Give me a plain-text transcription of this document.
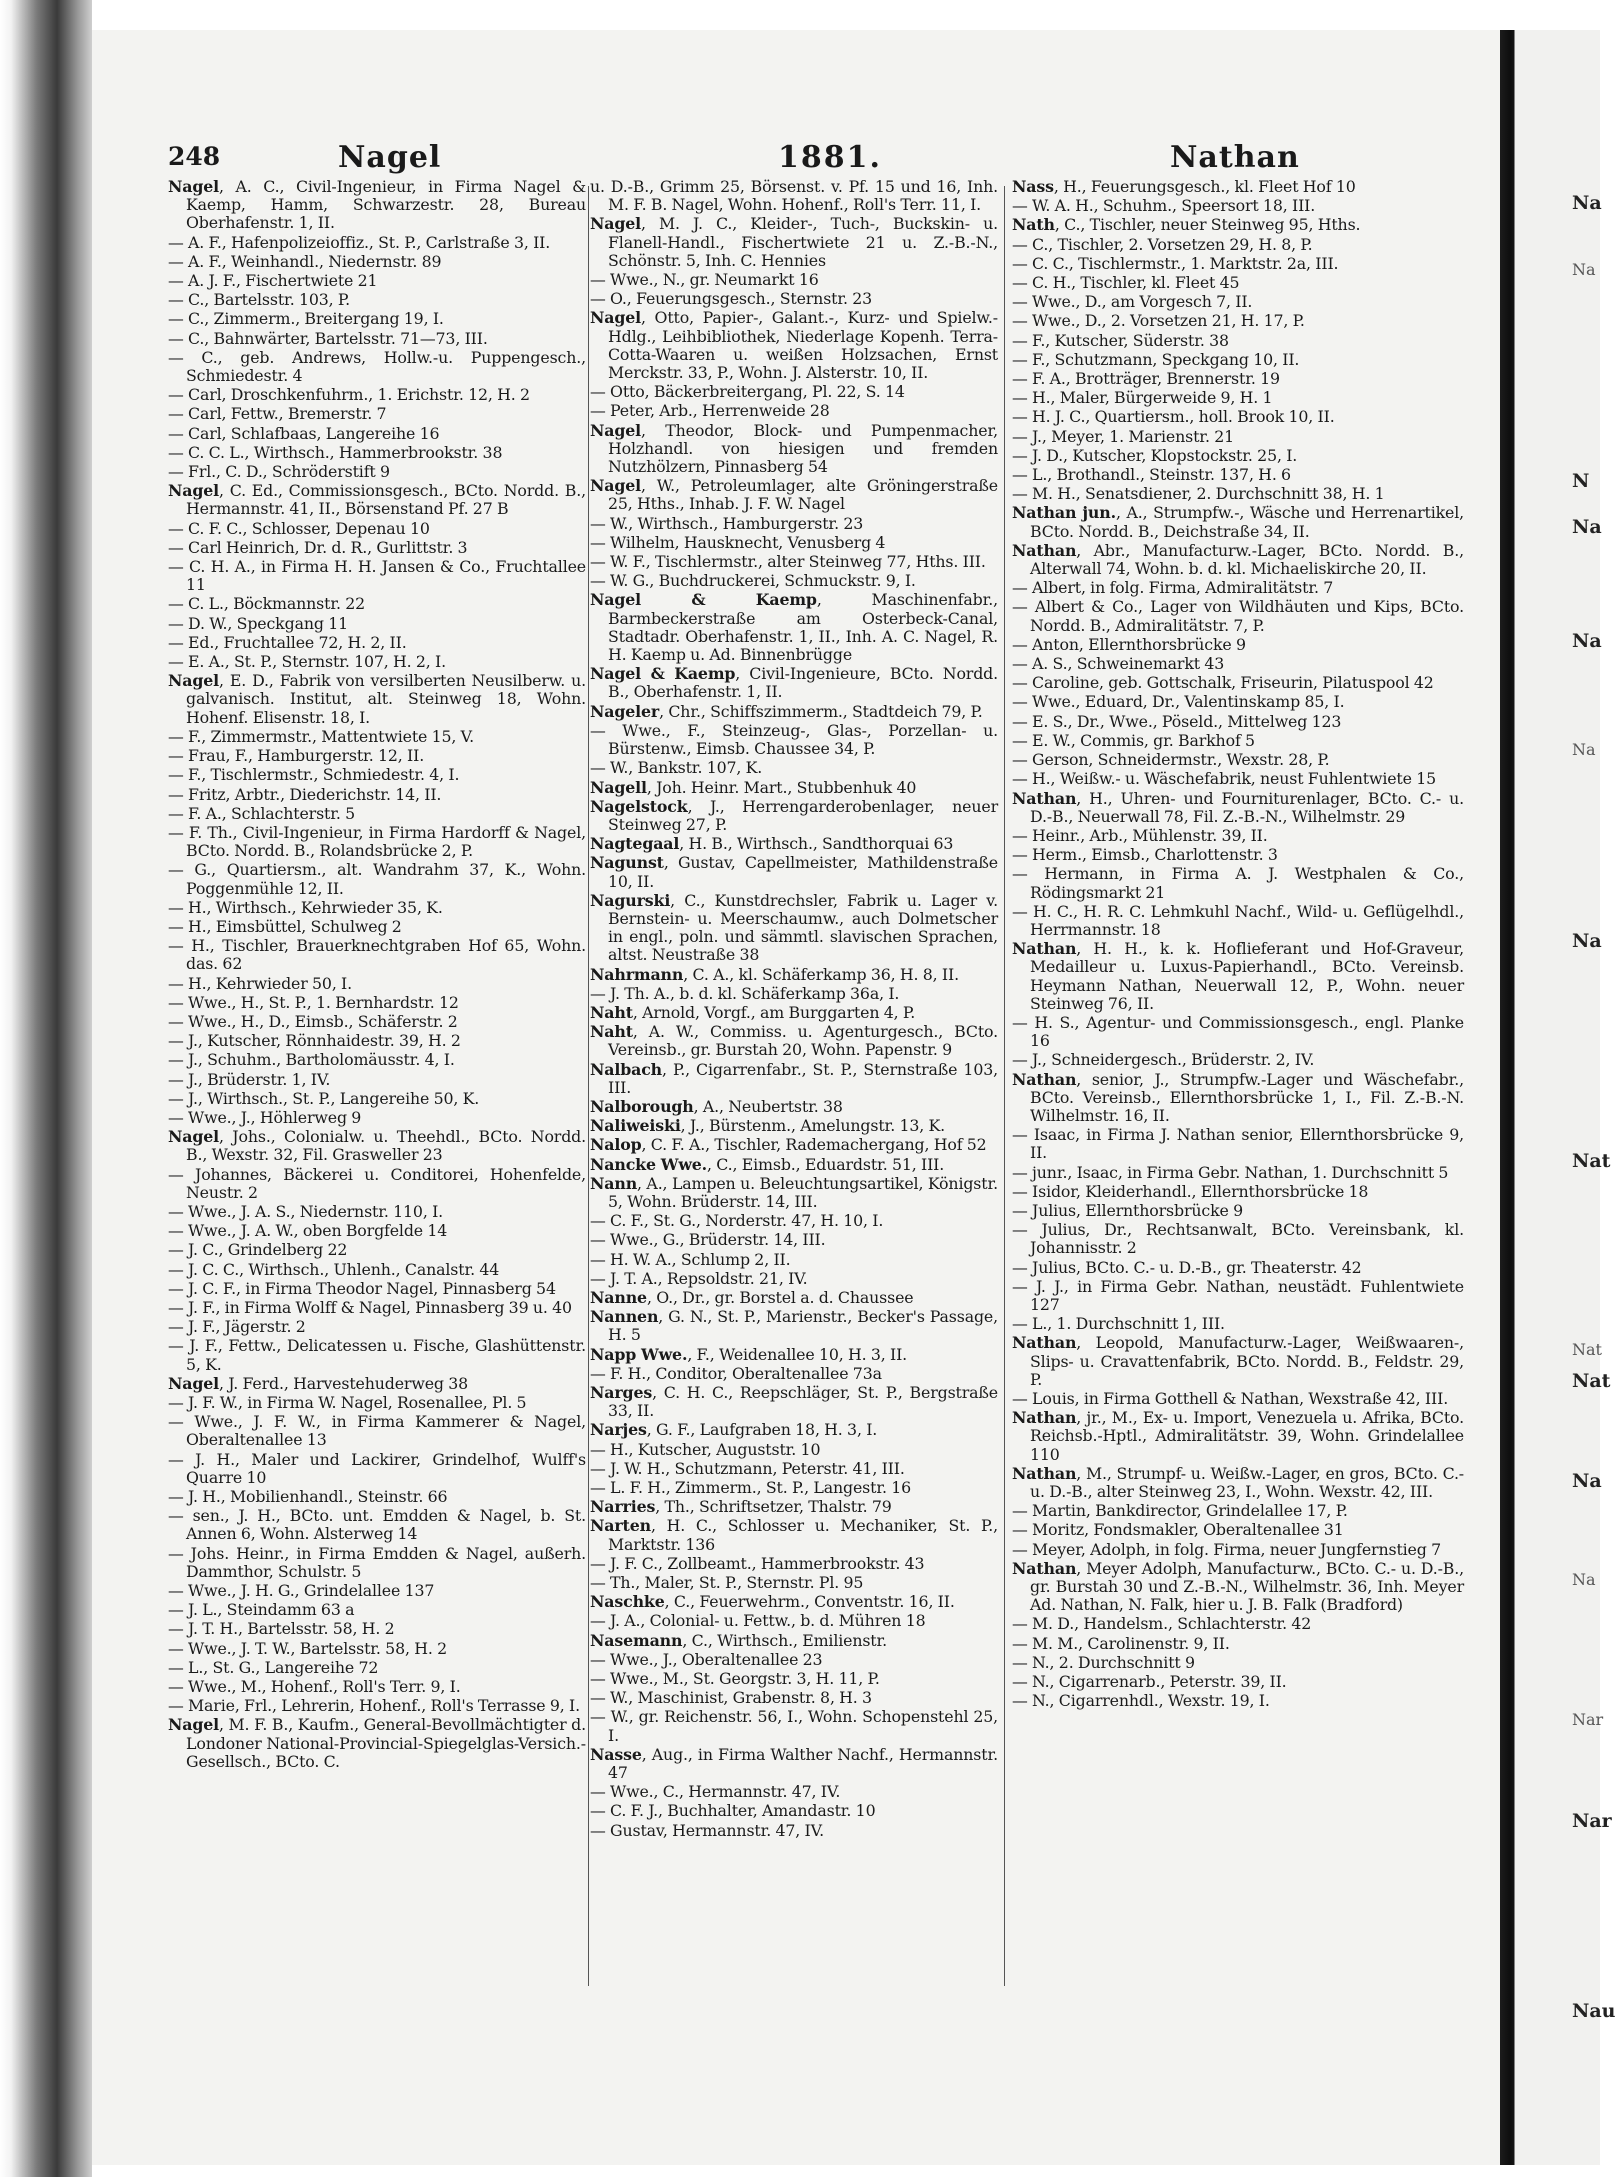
Na
Na
N
Na
Na
Na
Na
Nat
Nat
Nat
Na
Na
Nar
Nar
Nau
248	Nagel	1881.	Nathan
Nagel, A. C., Civil-Ingenieur, in Firma Nagel & Kaemp, Hamm, Schwarzestr. 28, Bureau Oberhafenstr. 1, II.
— A. F., Hafenpolizeioffiz., St. P., Carlstraße 3, II.
— A. F., Weinhandl., Niedernstr. 89
— A. J. F., Fischertwiete 21
— C., Bartelsstr. 103, P.
— C., Zimmerm., Breitergang 19, I.
— C., Bahnwärter, Bartelsstr. 71—73, III.
— C., geb. Andrews, Hollw.-u. Puppengesch., Schmiedestr. 4
— Carl, Droschkenfuhrm., 1. Erichstr. 12, H. 2
— Carl, Fettw., Bremerstr. 7
— Carl, Schlafbaas, Langereihe 16
— C. C. L., Wirthsch., Hammerbrookstr. 38
— Frl., C. D., Schröderstift 9
Nagel, C. Ed., Commissionsgesch., BCto. Nordd. B., Hermannstr. 41, II., Börsenstand Pf. 27 B
— C. F. C., Schlosser, Depenau 10
— Carl Heinrich, Dr. d. R., Gurlittstr. 3
— C. H. A., in Firma H. H. Jansen & Co., Fruchtallee 11
— C. L., Böckmannstr. 22
— D. W., Speckgang 11
— Ed., Fruchtallee 72, H. 2, II.
— E. A., St. P., Sternstr. 107, H. 2, I.
Nagel, E. D., Fabrik von versilberten Neusilberw. u. galvanisch. Institut, alt. Steinweg 18, Wohn. Hohenf. Elisenstr. 18, I.
— F., Zimmermstr., Mattentwiete 15, V.
— Frau, F., Hamburgerstr. 12, II.
— F., Tischlermstr., Schmiedestr. 4, I.
— Fritz, Arbtr., Diederichstr. 14, II.
— F. A., Schlachterstr. 5
— F. Th., Civil-Ingenieur, in Firma Hardorff & Nagel, BCto. Nordd. B., Rolandsbrücke 2, P.
— G., Quartiersm., alt. Wandrahm 37, K., Wohn. Poggenmühle 12, II.
— H., Wirthsch., Kehrwieder 35, K.
— H., Eimsbüttel, Schulweg 2
— H., Tischler, Brauerknechtgraben Hof 65, Wohn. das. 62
— H., Kehrwieder 50, I.
— Wwe., H., St. P., 1. Bernhardstr. 12
— Wwe., H., D., Eimsb., Schäferstr. 2
— J., Kutscher, Rönnhaidestr. 39, H. 2
— J., Schuhm., Bartholomäusstr. 4, I.
— J., Brüderstr. 1, IV.
— J., Wirthsch., St. P., Langereihe 50, K.
— Wwe., J., Höhlerweg 9
Nagel, Johs., Colonialw. u. Theehdl., BCto. Nordd. B., Wexstr. 32, Fil. Grasweller 23
— Johannes, Bäckerei u. Conditorei, Hohenfelde, Neustr. 2
— Wwe., J. A. S., Niedernstr. 110, I.
— Wwe., J. A. W., oben Borgfelde 14
— J. C., Grindelberg 22
— J. C. C., Wirthsch., Uhlenh., Canalstr. 44
— J. C. F., in Firma Theodor Nagel, Pinnasberg 54
— J. F., in Firma Wolff & Nagel, Pinnasberg 39 u. 40
— J. F., Jägerstr. 2
— J. F., Fettw., Delicatessen u. Fische, Glashüttenstr. 5, K.
Nagel, J. Ferd., Harvestehuderweg 38
— J. F. W., in Firma W. Nagel, Rosenallee, Pl. 5
— Wwe., J. F. W., in Firma Kammerer & Nagel, Oberaltenallee 13
— J. H., Maler und Lackirer, Grindelhof, Wulff's Quarre 10
— J. H., Mobilienhandl., Steinstr. 66
— sen., J. H., BCto. unt. Emdden & Nagel, b. St. Annen 6, Wohn. Alsterweg 14
— Johs. Heinr., in Firma Emdden & Nagel, außerh. Dammthor, Schulstr. 5
— Wwe., J. H. G., Grindelallee 137
— J. L., Steindamm 63 a
— J. T. H., Bartelsstr. 58, H. 2
— Wwe., J. T. W., Bartelsstr. 58, H. 2
— L., St. G., Langereihe 72
— Wwe., M., Hohenf., Roll's Terr. 9, I.
— Marie, Frl., Lehrerin, Hohenf., Roll's Terrasse 9, I.
Nagel, M. F. B., Kaufm., General-Bevollmächtigter d. Londoner National-Provincial-Spiegelglas-Versich.-Gesellsch., BCto. C.
u. D.-B., Grimm 25, Börsenst. v. Pf. 15 und 16, Inh. M. F. B. Nagel, Wohn. Hohenf., Roll's Terr. 11, I.
Nagel, M. J. C., Kleider-, Tuch-, Buckskin- u. Flanell-Handl., Fischertwiete 21 u. Z.-B.-N., Schönstr. 5, Inh. C. Hennies
— Wwe., N., gr. Neumarkt 16
— O., Feuerungsgesch., Sternstr. 23
Nagel, Otto, Papier-, Galant.-, Kurz- und Spielw.-Hdlg., Leihbibliothek, Niederlage Kopenh. Terra-Cotta-Waaren u. weißen Holzsachen, Ernst Merckstr. 33, P., Wohn. J. Alsterstr. 10, II.
— Otto, Bäckerbreitergang, Pl. 22, S. 14
— Peter, Arb., Herrenweide 28
Nagel, Theodor, Block- und Pumpenmacher, Holzhandl. von hiesigen und fremden Nutzhölzern, Pinnasberg 54
Nagel, W., Petroleumlager, alte Gröningerstraße 25, Hths., Inhab. J. F. W. Nagel
— W., Wirthsch., Hamburgerstr. 23
— Wilhelm, Hausknecht, Venusberg 4
— W. F., Tischlermstr., alter Steinweg 77, Hths. III.
— W. G., Buchdruckerei, Schmuckstr. 9, I.
Nagel & Kaemp, Maschinenfabr., Barmbeckerstraße am Osterbeck-Canal, Stadtadr. Oberhafenstr. 1, II., Inh. A. C. Nagel, R. H. Kaemp u. Ad. Binnenbrügge
Nagel & Kaemp, Civil-Ingenieure, BCto. Nordd. B., Oberhafenstr. 1, II.
Nageler, Chr., Schiffszimmerm., Stadtdeich 79, P.
— Wwe., F., Steinzeug-, Glas-, Porzellan- u. Bürstenw., Eimsb. Chaussee 34, P.
— W., Bankstr. 107, K.
Nagell, Joh. Heinr. Mart., Stubbenhuk 40
Nagelstock, J., Herrengarderobenlager, neuer Steinweg 27, P.
Nagtegaal, H. B., Wirthsch., Sandthorquai 63
Nagunst, Gustav, Capellmeister, Mathildenstraße 10, II.
Nagurski, C., Kunstdrechsler, Fabrik u. Lager v. Bernstein- u. Meerschaumw., auch Dolmetscher in engl., poln. und sämmtl. slavischen Sprachen, altst. Neustraße 38
Nahrmann, C. A., kl. Schäferkamp 36, H. 8, II.
— J. Th. A., b. d. kl. Schäferkamp 36a, I.
Naht, Arnold, Vorgf., am Burggarten 4, P.
Naht, A. W., Commiss. u. Agenturgesch., BCto. Vereinsb., gr. Burstah 20, Wohn. Papenstr. 9
Nalbach, P., Cigarrenfabr., St. P., Sternstraße 103, III.
Nalborough, A., Neubertstr. 38
Naliweiski, J., Bürstenm., Amelungstr. 13, K.
Nalop, C. F. A., Tischler, Rademachergang, Hof 52
Nancke Wwe., C., Eimsb., Eduardstr. 51, III.
Nann, A., Lampen u. Beleuchtungsartikel, Königstr. 5, Wohn. Brüderstr. 14, III.
— C. F., St. G., Norderstr. 47, H. 10, I.
— Wwe., G., Brüderstr. 14, III.
— H. W. A., Schlump 2, II.
— J. T. A., Repsoldstr. 21, IV.
Nanne, O., Dr., gr. Borstel a. d. Chaussee
Nannen, G. N., St. P., Marienstr., Becker's Passage, H. 5
Napp Wwe., F., Weidenallee 10, H. 3, II.
— F. H., Conditor, Oberaltenallee 73a
Narges, C. H. C., Reepschläger, St. P., Bergstraße 33, II.
Narjes, G. F., Laufgraben 18, H. 3, I.
— H., Kutscher, Auguststr. 10
— J. W. H., Schutzmann, Peterstr. 41, III.
— L. F. H., Zimmerm., St. P., Langestr. 16
Narries, Th., Schriftsetzer, Thalstr. 79
Narten, H. C., Schlosser u. Mechaniker, St. P., Marktstr. 136
— J. F. C., Zollbeamt., Hammerbrookstr. 43
— Th., Maler, St. P., Sternstr. Pl. 95
Naschke, C., Feuerwehrm., Conventstr. 16, II.
— J. A., Colonial- u. Fettw., b. d. Mühren 18
Nasemann, C., Wirthsch., Emilienstr.
— Wwe., J., Oberaltenallee 23
— Wwe., M., St. Georgstr. 3, H. 11, P.
— W., Maschinist, Grabenstr. 8, H. 3
— W., gr. Reichenstr. 56, I., Wohn. Schopenstehl 25, I.
Nasse, Aug., in Firma Walther Nachf., Hermannstr. 47
— Wwe., C., Hermannstr. 47, IV.
— C. F. J., Buchhalter, Amandastr. 10
— Gustav, Hermannstr. 47, IV.
Nass, H., Feuerungsgesch., kl. Fleet Hof 10
— W. A. H., Schuhm., Speersort 18, III.
Nath, C., Tischler, neuer Steinweg 95, Hths.
— C., Tischler, 2. Vorsetzen 29, H. 8, P.
— C. C., Tischlermstr., 1. Marktstr. 2a, III.
— C. H., Tischler, kl. Fleet 45
— Wwe., D., am Vorgesch 7, II.
— Wwe., D., 2. Vorsetzen 21, H. 17, P.
— F., Kutscher, Süderstr. 38
— F., Schutzmann, Speckgang 10, II.
— F. A., Brotträger, Brennerstr. 19
— H., Maler, Bürgerweide 9, H. 1
— H. J. C., Quartiersm., holl. Brook 10, II.
— J., Meyer, 1. Marienstr. 21
— J. D., Kutscher, Klopstockstr. 25, I.
— L., Brothandl., Steinstr. 137, H. 6
— M. H., Senatsdiener, 2. Durchschnitt 38, H. 1
Nathan jun., A., Strumpfw.-, Wäsche und Herrenartikel, BCto. Nordd. B., Deichstraße 34, II.
Nathan, Abr., Manufacturw.-Lager, BCto. Nordd. B., Alterwall 74, Wohn. b. d. kl. Michaeliskirche 20, II.
— Albert, in folg. Firma, Admiralitätstr. 7
— Albert & Co., Lager von Wildhäuten und Kips, BCto. Nordd. B., Admiralitätstr. 7, P.
— Anton, Ellernthorsbrücke 9
— A. S., Schweinemarkt 43
— Caroline, geb. Gottschalk, Friseurin, Pilatuspool 42
— Wwe., Eduard, Dr., Valentinskamp 85, I.
— E. S., Dr., Wwe., Pöseld., Mittelweg 123
— E. W., Commis, gr. Barkhof 5
— Gerson, Schneidermstr., Wexstr. 28, P.
— H., Weißw.- u. Wäschefabrik, neust Fuhlentwiete 15
Nathan, H., Uhren- und Fourniturenlager, BCto. C.- u. D.-B., Neuerwall 78, Fil. Z.-B.-N., Wilhelmstr. 29
— Heinr., Arb., Mühlenstr. 39, II.
— Herm., Eimsb., Charlottenstr. 3
— Hermann, in Firma A. J. Westphalen & Co., Rödingsmarkt 21
— H. C., H. R. C. Lehmkuhl Nachf., Wild- u. Geflügelhdl., Herrmannstr. 18
Nathan, H. H., k. k. Hoflieferant und Hof-Graveur, Medailleur u. Luxus-Papierhandl., BCto. Vereinsb. Heymann Nathan, Neuerwall 12, P., Wohn. neuer Steinweg 76, II.
— H. S., Agentur- und Commissionsgesch., engl. Planke 16
— J., Schneidergesch., Brüderstr. 2, IV.
Nathan, senior, J., Strumpfw.-Lager und Wäschefabr., BCto. Vereinsb., Ellernthorsbrücke 1, I., Fil. Z.-B.-N. Wilhelmstr. 16, II.
— Isaac, in Firma J. Nathan senior, Ellernthorsbrücke 9, II.
— junr., Isaac, in Firma Gebr. Nathan, 1. Durchschnitt 5
— Isidor, Kleiderhandl., Ellernthorsbrücke 18
— Julius, Ellernthorsbrücke 9
— Julius, Dr., Rechtsanwalt, BCto. Vereinsbank, kl. Johannisstr. 2
— Julius, BCto. C.- u. D.-B., gr. Theaterstr. 42
— J. J., in Firma Gebr. Nathan, neustädt. Fuhlentwiete 127
— L., 1. Durchschnitt 1, III.
Nathan, Leopold, Manufacturw.-Lager, Weißwaaren-, Slips- u. Cravattenfabrik, BCto. Nordd. B., Feldstr. 29, P.
— Louis, in Firma Gotthell & Nathan, Wexstraße 42, III.
Nathan, jr., M., Ex- u. Import, Venezuela u. Afrika, BCto. Reichsb.-Hptl., Admiralitätstr. 39, Wohn. Grindelallee 110
Nathan, M., Strumpf- u. Weißw.-Lager, en gros, BCto. C.- u. D.-B., alter Steinweg 23, I., Wohn. Wexstr. 42, III.
— Martin, Bankdirector, Grindelallee 17, P.
— Moritz, Fondsmakler, Oberaltenallee 31
— Meyer, Adolph, in folg. Firma, neuer Jungfernstieg 7
Nathan, Meyer Adolph, Manufacturw., BCto. C.- u. D.-B., gr. Burstah 30 und Z.-B.-N., Wilhelmstr. 36, Inh. Meyer Ad. Nathan, N. Falk, hier u. J. B. Falk (Bradford)
— M. D., Handelsm., Schlachterstr. 42
— M. M., Carolinenstr. 9, II.
— N., 2. Durchschnitt 9
— N., Cigarrenarb., Peterstr. 39, II.
— N., Cigarrenhdl., Wexstr. 19, I.
